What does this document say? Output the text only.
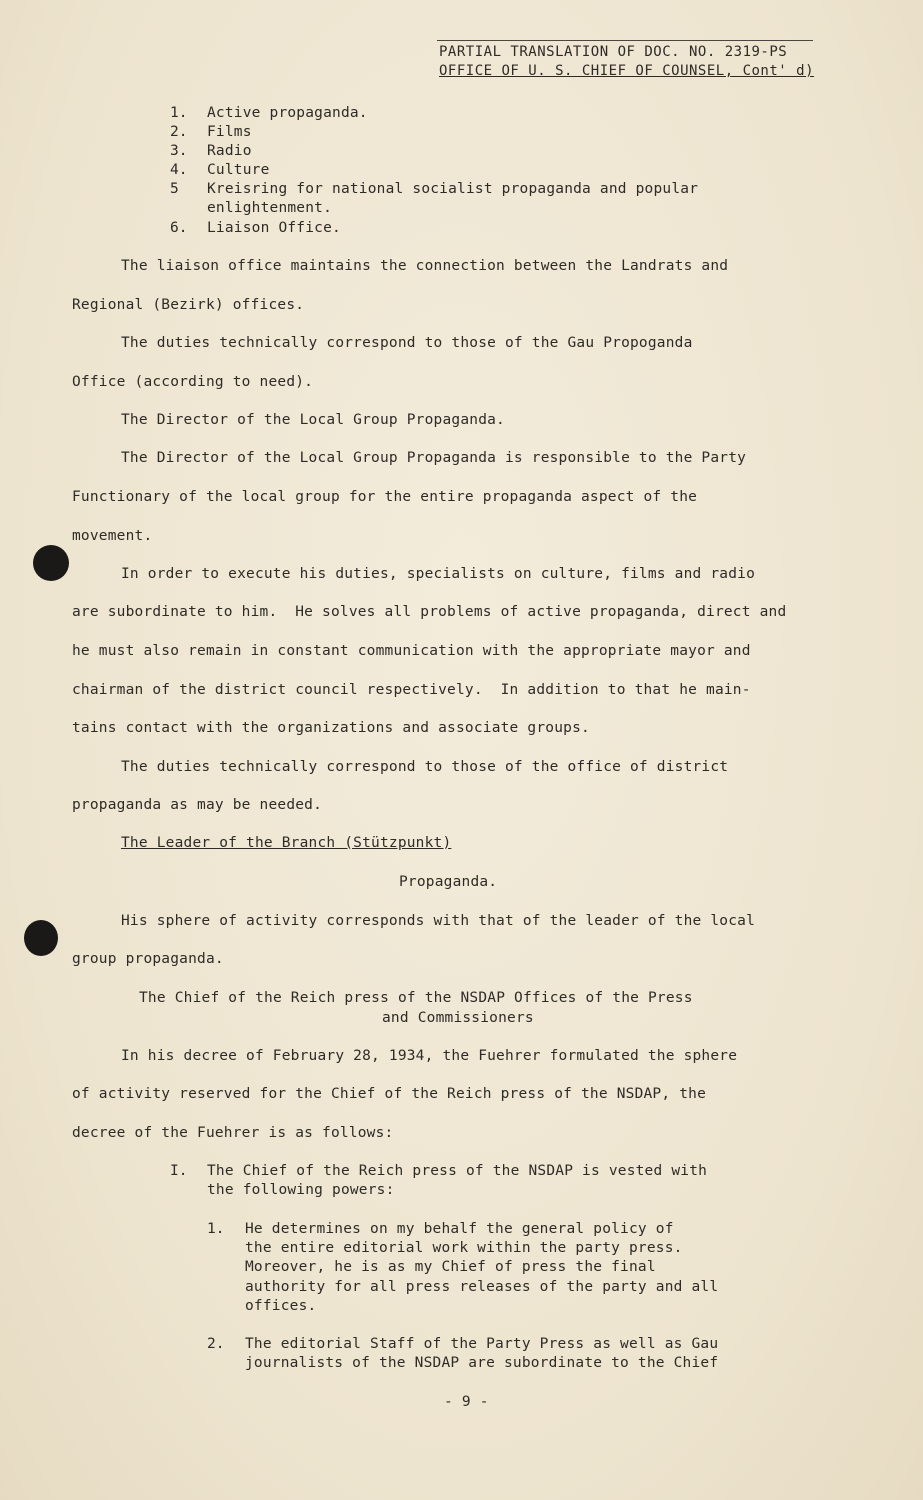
PARTIAL TRANSLATION OF DOC. NO. 2319-PS
OFFICE OF U. S. CHIEF OF COUNSEL, Cont' d)
1. Active propaganda.
2. Films
3. Radio
4. Culture
5 Kreisring for national socialist propaganda and popular
enlightenment.
6. Liaison Office.
The liaison office maintains the connection between the Landrats and
Regional (Bezirk) offices.
The duties technically correspond to those of the Gau Propoganda
Office (according to need).
The Director of the Local Group Propaganda.
The Director of the Local Group Propaganda is responsible to the Party
Functionary of the local group for the entire propaganda aspect of the
movement.
In order to execute his duties, specialists on culture, films and radio
are subordinate to him.  He solves all problems of active propaganda, direct and
he must also remain in constant communication with the appropriate mayor and
chairman of the district council respectively.  In addition to that he main-
tains contact with the organizations and associate groups.
The duties technically correspond to those of the office of district
propaganda as may be needed.
The Leader of the Branch (Stützpunkt)
Propaganda.
His sphere of activity corresponds with that of the leader of the local
group propaganda.
The Chief of the Reich press of the NSDAP Offices of the Press
and Commissioners
In his decree of February 28, 1934, the Fuehrer formulated the sphere
of activity reserved for the Chief of the Reich press of the NSDAP, the
decree of the Fuehrer is as follows:
I. The Chief of the Reich press of the NSDAP is vested with
the following powers:
1. He determines on my behalf the general policy of
the entire editorial work within the party press.
Moreover, he is as my Chief of press the final
authority for all press releases of the party and all
offices.
2. The editorial Staff of the Party Press as well as Gau
journalists of the NSDAP are subordinate to the Chief
- 9 -
